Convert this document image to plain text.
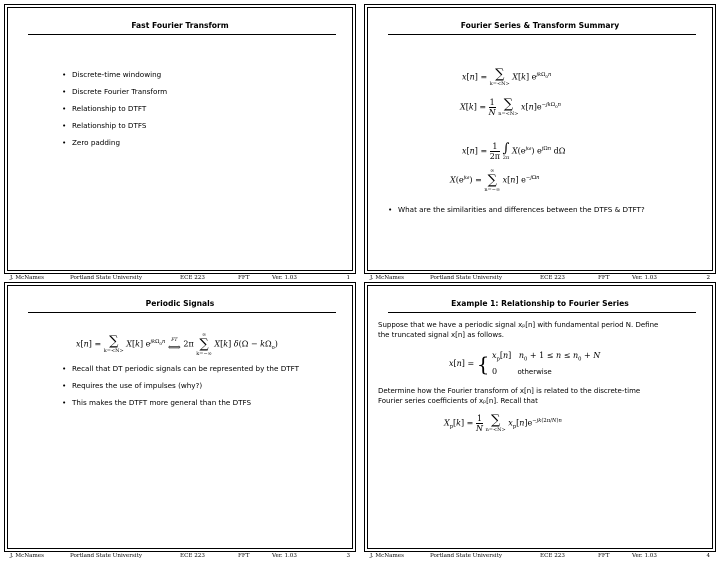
Fast Fourier Transform
• Discrete-time windowing
• Discrete Fourier Transform
• Relationship to DTFT
• Relationship to DTFS
• Zero padding
J. McNames	Portland State University	ECE 223	FFT	Ver. 1.03	1
Fourier Series & Transform Summary
x[n] = ∑
k=<N>
X[k] $e^{jk\Omega_on}$
$X[k] = \frac{1}{N}$
∑
n=<N>
$x[n]e^{-jk\Omega_on}$
$x[n] = \frac{1}{2\pi}$
∫
2π
$X(e^{j\omega})$ $e^{j\Omega n}$ dΩ
$X(e^{j\omega})$ =
∞
∑
n=−∞
x[n] $e^{-j\Omega n}$
• What are the similarities and differences between the DTFS & DTFT?
J. McNames	Portland State University	ECE 223	FFT	Ver. 1.03	2
Periodic Signals
x[n] = ∑
k=<N>
X[k] $e^{jk\Omega_on}$	FT
⟺ 2π
∞
∑
k=−∞
X[k] $\delta(\Omega - k\Omega_o)$
• Recall that DT periodic signals can be represented by the DTFT
• Requires the use of impulses (why?)
• This makes the DTFT more general than the DTFS
J. McNames	Portland State University	ECE 223	FFT	Ver. 1.03	3
Example 1: Relationship to Fourier Series
Suppose that we have a periodic signal xₚ[n] with fundamental period N. Define the truncated signal x[n] as follows.
x[n] = { $x_p[n] n_0 + 1 \le n \le n_0 + N$
0        otherwise
Determine how the Fourier transform of x[n] is related to the discrete-time Fourier series coefficients of xₚ[n]. Recall that
$X_p[k] = \frac{1}{N}$
∑
n=<N>
$x_p[n]e^{-jk(2\pi/N)n}$
J. McNames	Portland State University	ECE 223	FFT	Ver. 1.03	4
